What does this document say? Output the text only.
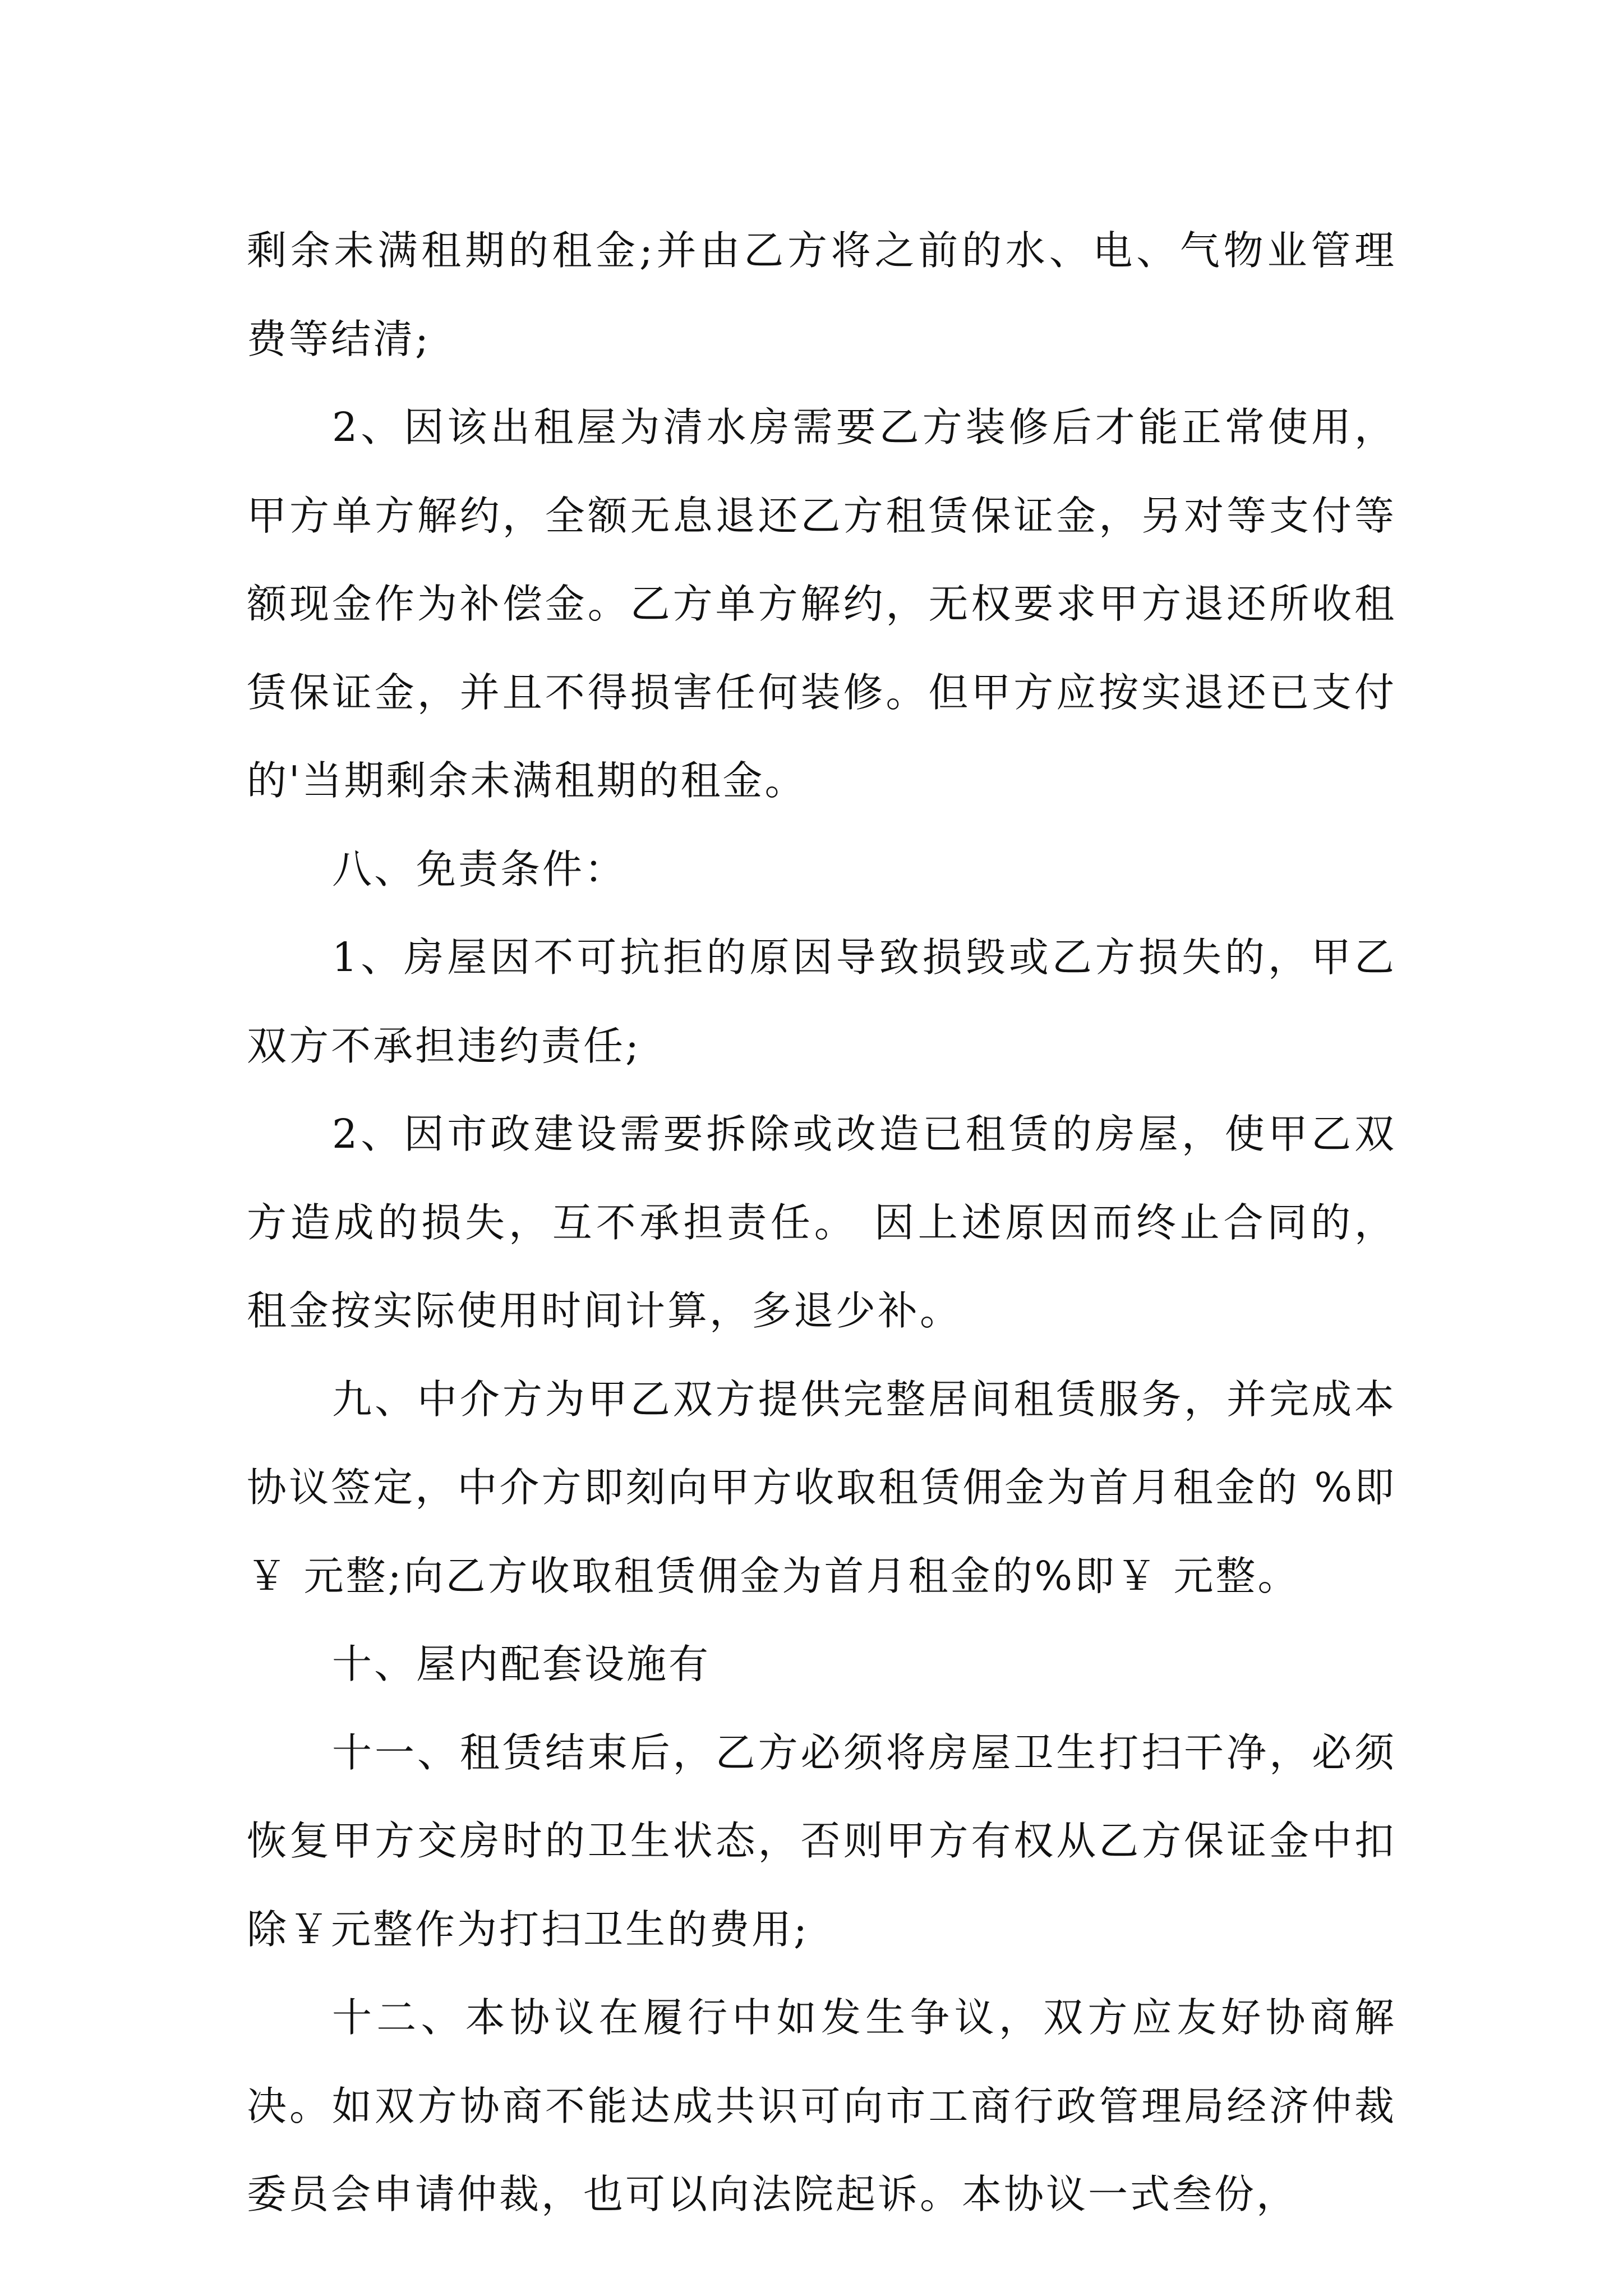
剩余未满租期的租金;并由乙方将之前的水、电、气物业管理费等结清;

2、因该出租屋为清水房需要乙方装修后才能正常使用，甲方单方解约，全额无息退还乙方租赁保证金，另对等支付等额现金作为补偿金。乙方单方解约，无权要求甲方退还所收租赁保证金，并且不得损害任何装修。但甲方应按实退还已支付的'当期剩余未满租期的租金。

八、免责条件：

1、房屋因不可抗拒的原因导致损毁或乙方损失的，甲乙双方不承担违约责任;

2、因市政建设需要拆除或改造已租赁的房屋，使甲乙双方造成的损失，互不承担责任。 因上述原因而终止合同的，租金按实际使用时间计算，多退少补。

九、中介方为甲乙双方提供完整居间租赁服务，并完成本协议签定，中介方即刻向甲方收取租赁佣金为首月租金的 %即￥ 元整;向乙方收取租赁佣金为首月租金的%即￥ 元整。

十、屋内配套设施有

十一、租赁结束后，乙方必须将房屋卫生打扫干净，必须恢复甲方交房时的卫生状态，否则甲方有权从乙方保证金中扣除￥元整作为打扫卫生的费用;

十二、本协议在履行中如发生争议，双方应友好协商解决。如双方协商不能达成共识可向市工商行政管理局经济仲裁委员会申请仲裁，也可以向法院起诉。本协议一式叁份，
